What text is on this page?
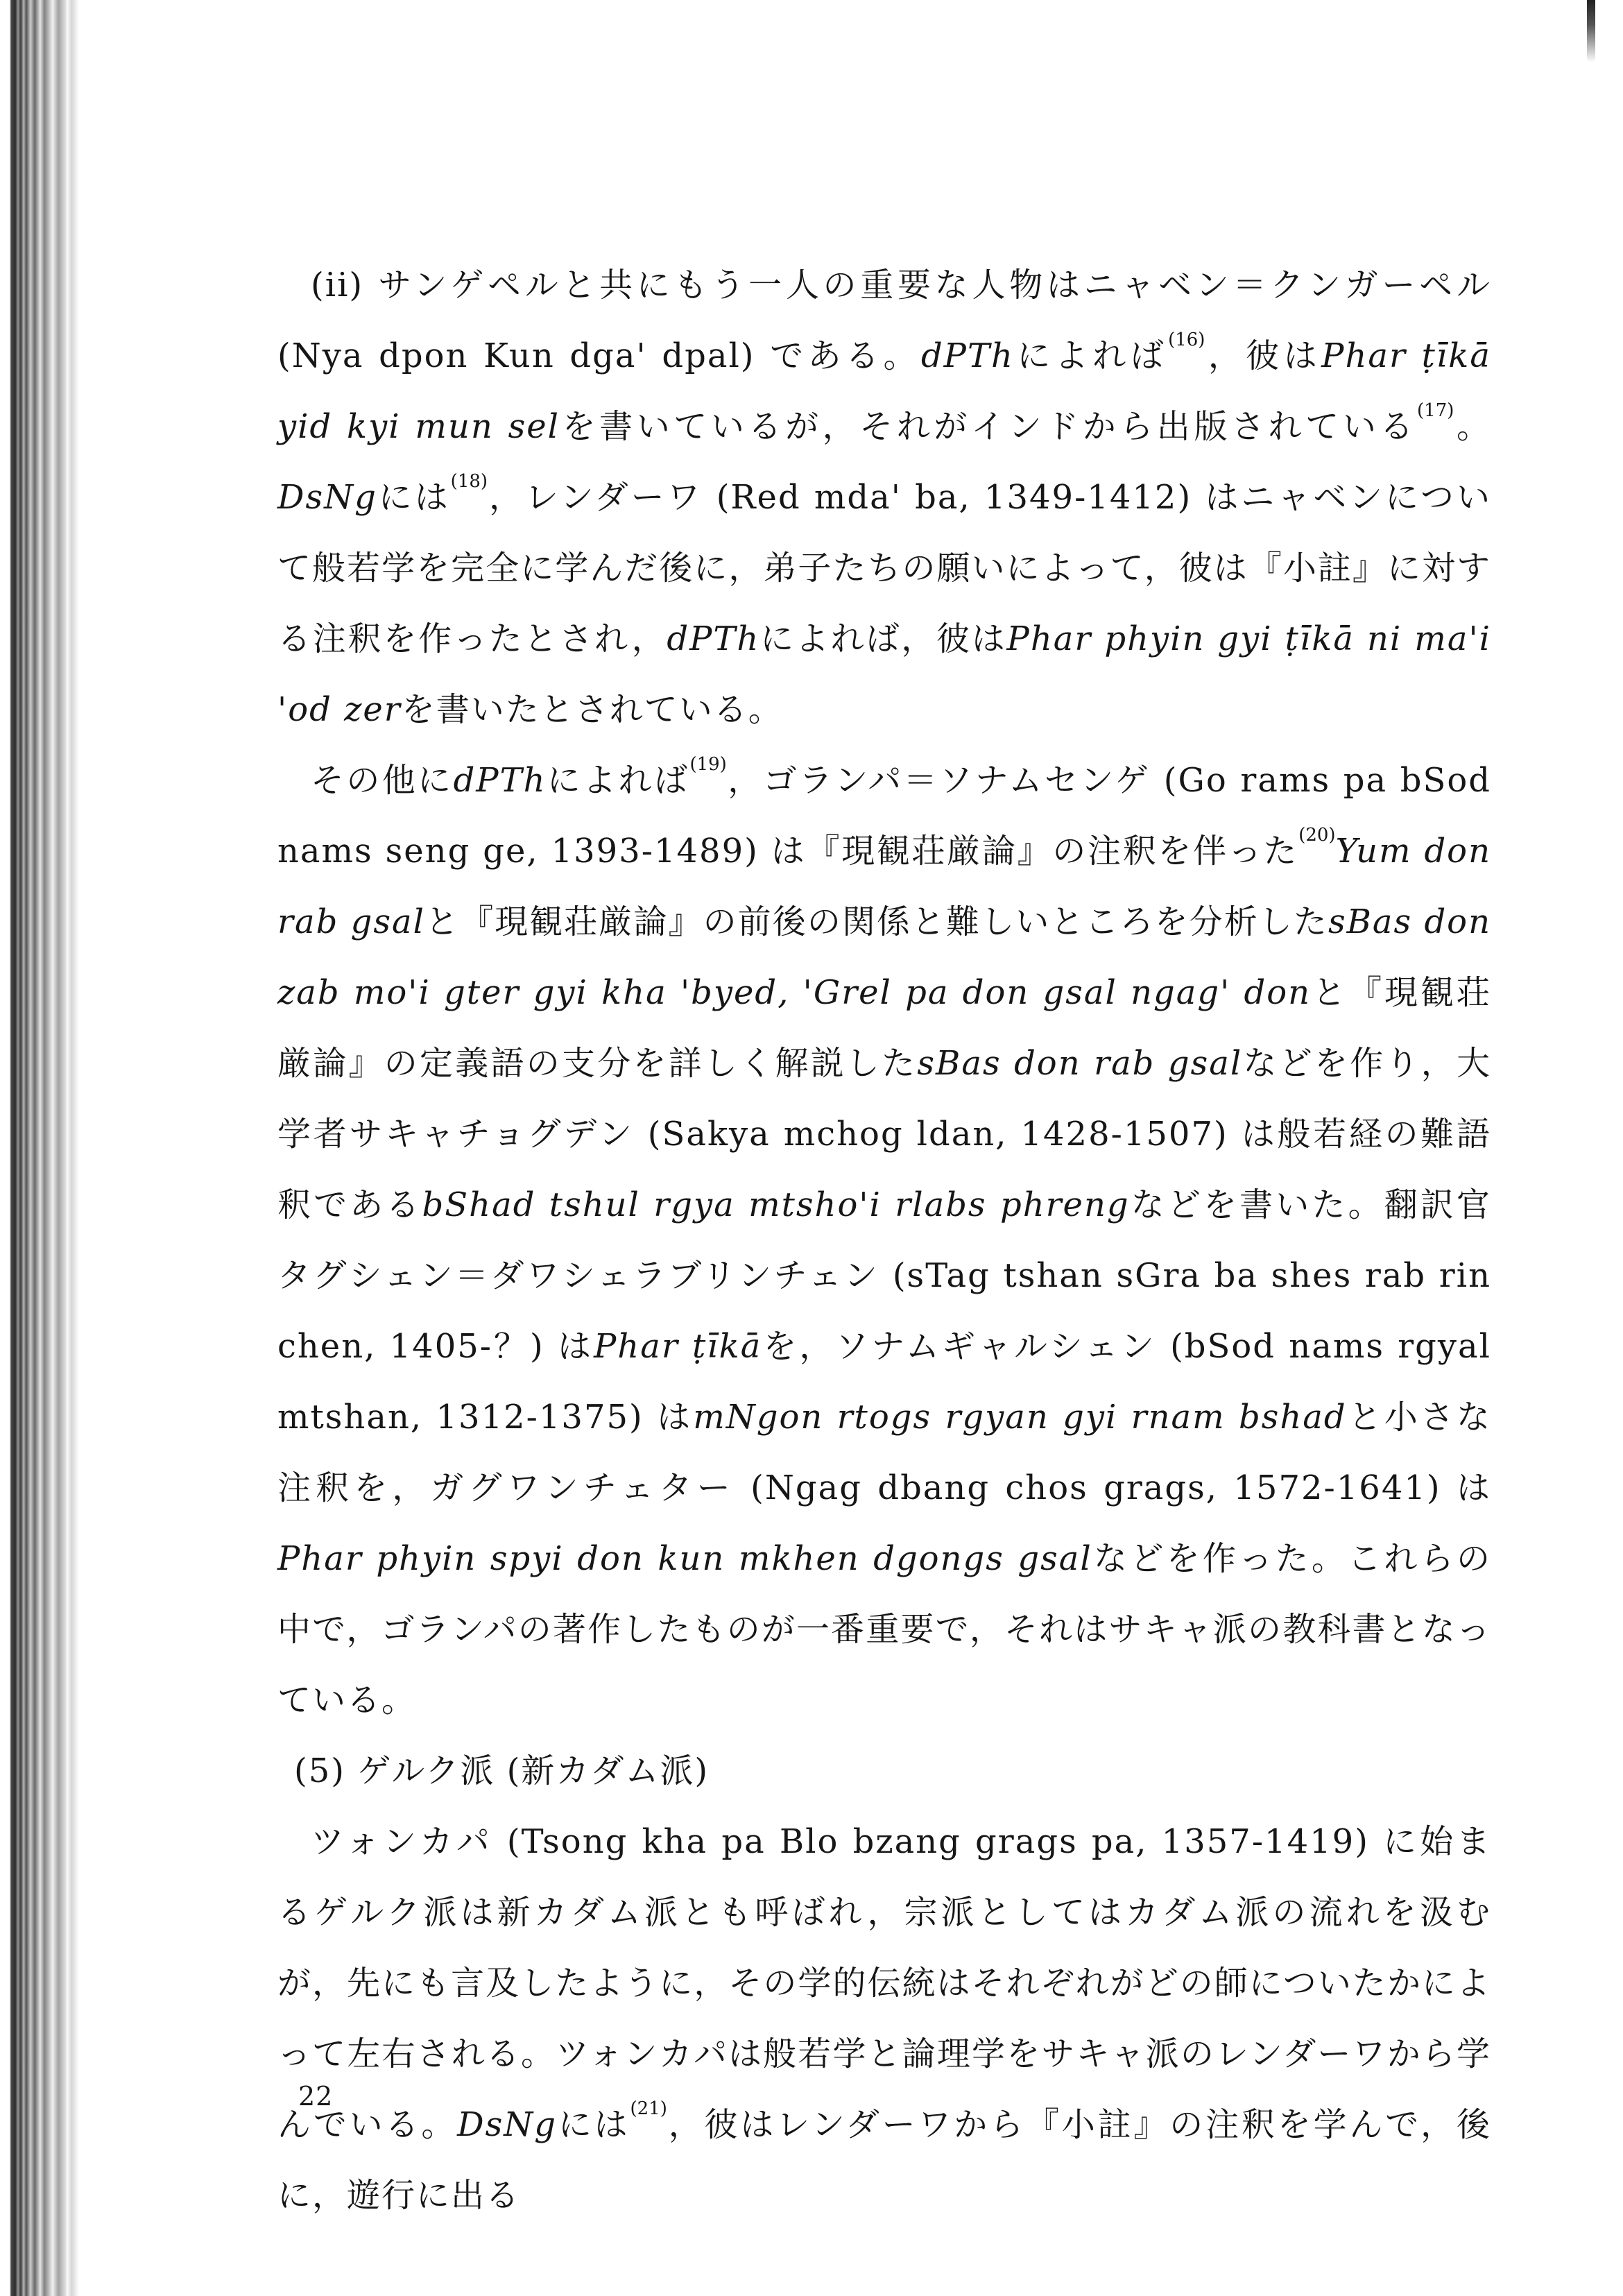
(ii) サンゲペルと共にもう一人の重要な人物はニャベン＝クンガーペル(Nya dpon Kun dga' dpal) である。dPThによれば$^{(16)}$，彼はPhar ṭīkā yid kyi mun selを書いているが，それがインドから出版されている$^{(17)}$。DsNgには$^{(18)}$，レンダーワ (Red mda' ba, 1349-1412) はニャベンについて般若学を完全に学んだ後に，弟子たちの願いによって，彼は『小註』に対する注釈を作ったとされ，dPThによれば，彼はPhar phyin gyi ṭīkā ni ma'i 'od zerを書いたとされている。

その他にdPThによれば$^{(19)}$，ゴランパ＝ソナムセンゲ (Go rams pa bSod nams seng ge, 1393-1489) は『現観荘厳論』の注釈を伴った$^{(20)}$Yum don rab gsalと『現観荘厳論』の前後の関係と難しいところを分析したsBas don zab mo'i gter gyi kha 'byed, 'Grel pa don gsal ngag' donと『現観荘厳論』の定義語の支分を詳しく解説したsBas don rab gsalなどを作り，大学者サキャチョグデン (Sakya mchog ldan, 1428-1507) は般若経の難語釈であるbShad tshul rgya mtsho'i rlabs phrengなどを書いた。翻訳官タグシェン＝ダワシェラブリンチェン (sTag tshan sGra ba shes rab rin chen, 1405-？) はPhar ṭīkāを，ソナムギャルシェン (bSod nams rgyal mtshan, 1312-1375) はmNgon rtogs rgyan gyi rnam bshadと小さな注釈を，ガグワンチェター (Ngag dbang chos grags, 1572-1641) はPhar phyin spyi don kun mkhen dgongs gsalなどを作った。これらの中で，ゴランパの著作したものが一番重要で，それはサキャ派の教科書となっている。

(5) ゲルク派 (新カダム派)

ツォンカパ (Tsong kha pa Blo bzang grags pa, 1357-1419) に始まるゲルク派は新カダム派とも呼ばれ，宗派としてはカダム派の流れを汲むが，先にも言及したように，その学的伝統はそれぞれがどの師についたかによって左右される。ツォンカパは般若学と論理学をサキャ派のレンダーワから学んでいる。DsNgには$^{(21)}$，彼はレンダーワから『小註』の注釈を学んで，後に，遊行に出る

22
